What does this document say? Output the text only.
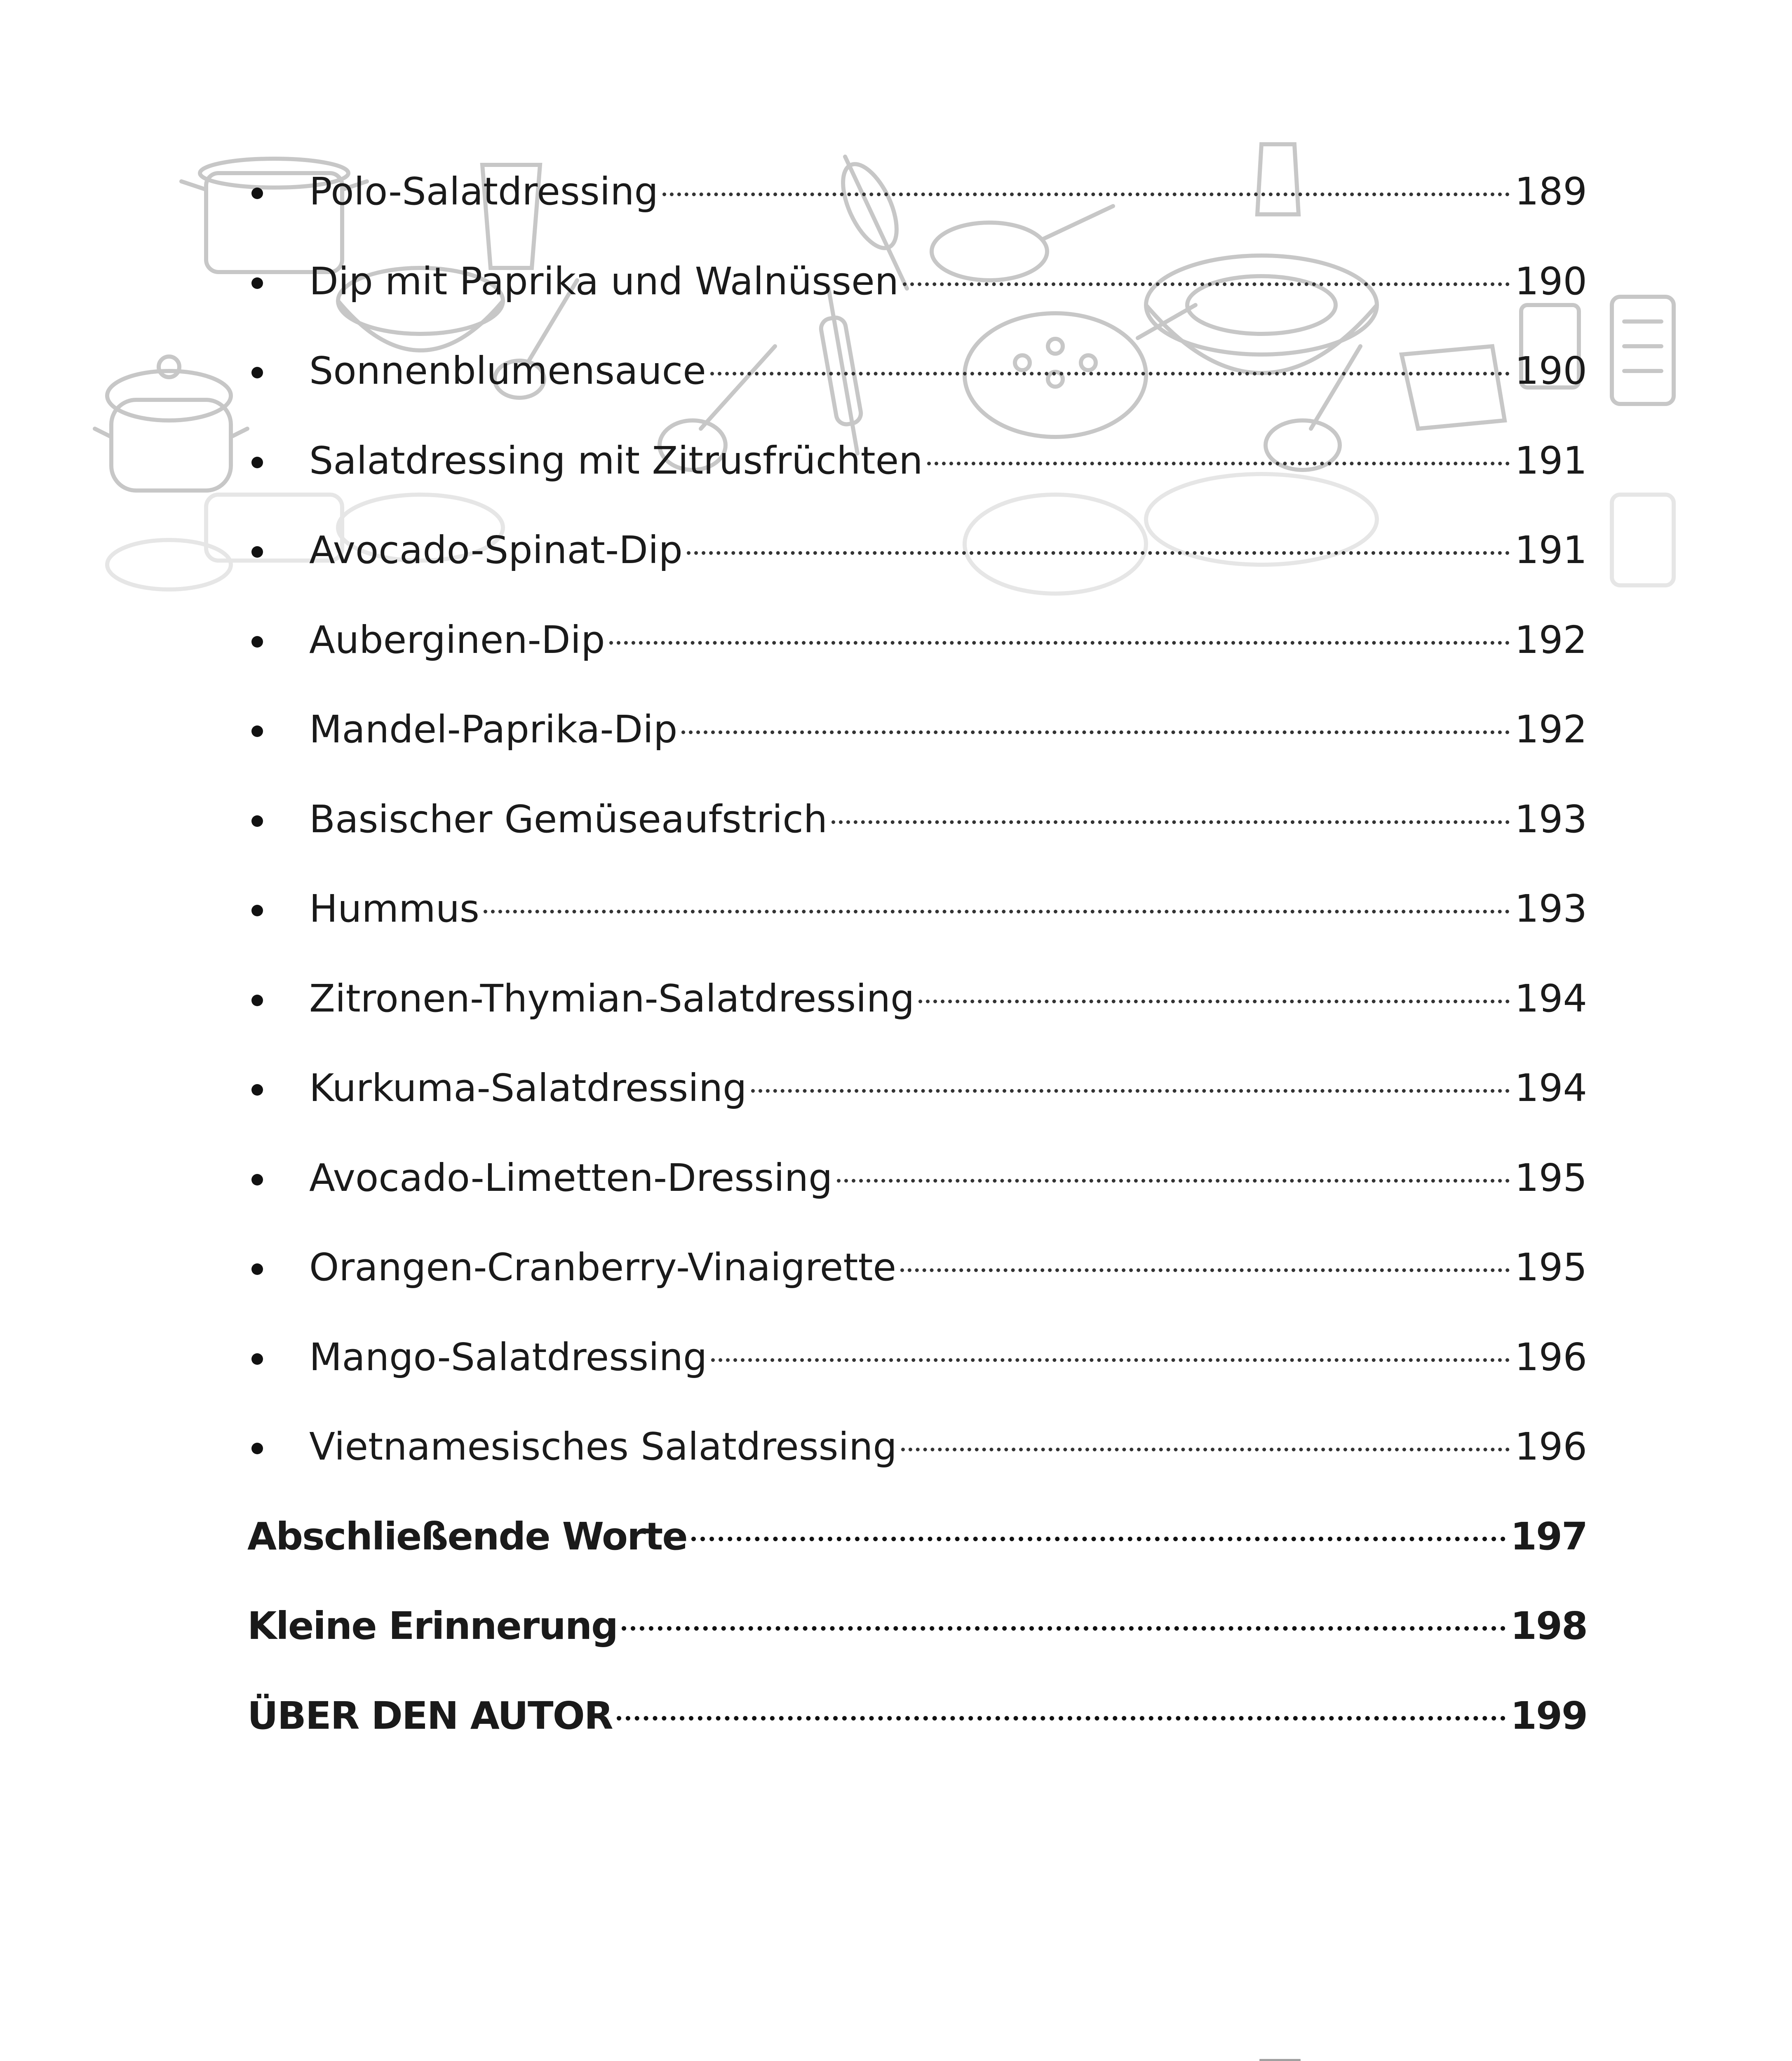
Polo-Salatdressing	189
Dip mit Paprika und Walnüssen	190
Sonnenblumensauce	190
Salatdressing mit Zitrusfrüchten	191
Avocado-Spinat-Dip	191
Auberginen-Dip	192
Mandel-Paprika-Dip	192
Basischer Gemüseaufstrich	193
Hummus	193
Zitronen-Thymian-Salatdressing	194
Kurkuma-Salatdressing	194
Avocado-Limetten-Dressing	195
Orangen-Cranberry-Vinaigrette	195
Mango-Salatdressing	196
Vietnamesisches Salatdressing	196
Abschließende Worte	197
Kleine Erinnerung	198
ÜBER DEN AUTOR	199
